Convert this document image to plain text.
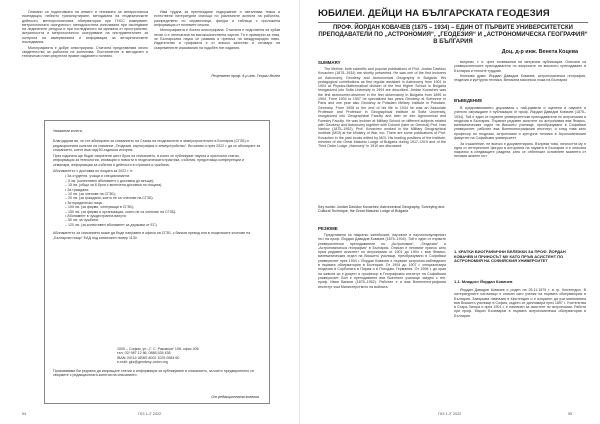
Описани са подготовката на инвито и техниката за антарктическа експедиция, нейното транспортиране, методиката на геодезическите дейности, метеорологичната обсерватория при ГНСС измерване, метрологичната осигуреност, методологията използвана при изследване на лединените ресурси и при погледнатото на мрежата от пространство, актуалността и метрологичното осигуряване на инструменталите за контрола на измерванията и информация за антарктическите изследвания.

Монографията е добре илюстрирана. Статията представлява лично свидетелство за работата на колектива. Постигнатите в методичен и технически план резултати правят изданието полезно.

Има трудна за преглеждане съдържание и изпълнява тежка и естествени литературни списъци по различните аспекти на работата, разпределени по справочници, фигури и таблици с приложена информация от полевите сезони.

Монографията е богато илюстрирана. Статията е подготвена на хубав печат и е отпечатана на висококачествена хартия. Тя е примерни за това, че Българската наука се развива и пресича на международно ниво. Издателство и графиката е от високо качество и отговаря на съвременните изисквания на подобен тип издания.

Рецензент проф. д-р инж. Георги Вълев

Уважаеми колеги,

Благодарим ви, че сте абонирани за списанието на Съюза на геодезистите и земеустроителите в България (СГЗБ) и редакционната колегия на списание „Геодезия, картография и земеустройство“. Ви каним и през 2022 г. да се абонирате за списанието, което има над 60-годишна история.

През годината ще бъдат изпратени шест броя на списанието, в които се публикуват научни и приложни статии, информация за технологии, иновации и новости в геодезическата практика, събития, предстоящи конференции и семинари, информация за събития и дейности в страната и чужбина.

Абонаментът с доставка по пощата за 2022 г. е:

• За студенти, учащи и специализанти:

– 5 лв. (колективен абонамент с доставка до вкъщи);

– 15 лв. (общо за 6 броя с включена доставка по пощата).

• За граждани:

– 10 лв. (за членове на СГЗБ);

– 20 лв. (за граждани, които не са членове на СГЗБ).

• За юридически лица:

– 100 лв. (за фирми, членуващи в СГЗБ);

– 150 лв. (за фирми и организации, които не са членове на СГЗБ).

• Абонамент в чуждестранна валута:

– 50 лв. за чужбина.

– 120 лв. (за колективен абонамент за държави от ЕС).

Абонаментът за списанието може да бъде направен в офиса на СГЗБ, с банков превод или в пощенските клонове на „Български пощи“ ЕАД под каталожен номер 1130.

1000 – София, ул. „Г. С. Раковски“ 108, офис 406
тел. 02/ 987 12 86, 0888 528 438
IBAN: BG14 UBBS 8002 1025 0984 60
e-mail: gkz@geodesy-union.org

Призоваваме Ви редовно да изпращате статии и информация за публикуване в списанието, за които предварително се свържете с редакционната колегия на списанието.

От редакционната колегия
54	ГКЗ 1-2' 2022
ЮБИЛЕИ. ДЕЙЦИ НА БЪЛГАРСКАТА ГЕОДЕЗИЯ
ПРОФ. ЙОРДАН КОВАЧЕВ (1875 – 1934) – ЕДИН ОТ ПЪРВИТЕ УНИВЕРСИТЕТСКИ ПРЕПОДАВАТЕЛИ ПО „АСТРОНОМИЯ“, „ГЕОДЕЗИЯ“ И „АСТРОНОМИЧЕСКА ГЕОГРАФИЯ“ В БЪЛГАРИЯ
Доц. д-р инж. Венета Коцева
SUMMARY

The lifetime, both scientific and popular publications of Prof. Jordan Davidov Kovachev (1875–1934) are shortly presented. He was one of the first lecturers on Astronomy, Geodesy and Astronomical Geography in Bulgaria. His pedagogical contributions as first regular assistant in Astronomy from 1901 to 1904 at Physics-Mathematical division of the first Higher School in Bulgaria reorganized into Sofia University in 1904 are described. Jordan Kovachev was the first astronomer-observer in the first observatory in Bulgaria from 1895 to 1904. From 1904 to 1907 he specialized two years Geodesy at Sorbonne in Paris and one year also Geodesy at Potsdam Military Institute in Potsdam, Germany. From 1908 to the end of his life in 1934 he was an Associate Professor and Professor in Geographical Institute at Sofia University, reorganized into Geographical Faculty and later on into Agronomical and Forestry Faculty. He was lecturer at Military School on different subjects related with Geodesy and Astronomy together with Colonel (later on General) Prof. Ivan Vankov (1875–1952). Prof. Kovachev worked in the Military Geographical Institute (MGI) at the Ministry of War, too. There are some publications of Prof. Kovachev in the past books edited by MGI. His leading positions of the Institute, member of the Great Masonic Lodge of Bulgaria during 1917–1919 and of the Third Order Lodge „Harmony“ in 1919 are discussed.

Key words: Jordan Davidov Kovachev, Astronomical Geography, Surveying and Cultural Technique, the Great Masonic Lodge of Bulgaria
РЕЗЮМЕ

Представени са накратко житейският, научният и научнопопулярният път на проф. Йордан Давидов Ковачев (1875–1934). Той е един от първите университетски преподаватели по „Астрономия“, „Геодезия“ и „Астрономическа география“ в България. Описан е неговият принос като пръв редовен асистент по астрономия от 1901 до 1904 г. във Физико-математическия отдел на Висшето училище, преобразувано в Софийски университет през 1904 г. Йордан Ковачев е първият астроном-наблюдател в първата обсерватория в България. От 1904 до 1907 г. специализира геодезия в Сорбоната в Париж и в Потсдам, Германия. От 1908 г. до края на живота си е доцент и професор в Географския институт на Софийския университет. Бил е преподавател във Военното училище заедно с ген. проф. Иван Ванков (1875–1952). Работил е и във Военногеографския институт към Министерството на войната.

въпреки, т. е. чрез тогавашния ни метрични публикации. Описани са университетските преподаватели по въпросите на високото преподаване в България и техните трудове.

Ключови думи: Йордан Давидов Ковачев, астрономическа география, геодезия и културна техника, Великата масонска ложа на България

ВЪВЕДЕНИЕ

В средновековието държавата с най-развити и оценени в науката и ученото изграждане е публикация от проф. Йордан Давидов Ковачев (1875–1934). Той е един от първите университетски преподаватели по астрономия и геодезия в България. Първият редовен асистент по астрономия във Физико-математическия отдел на Висшето училище, преобразувано в Софийски университет, работил във Военногеографския институт, и след това като професор по геодезия, астрономия и културна техника в Агрономическия факултет на Софийския университет.

За съжаление, не всичко е документирано. Въпреки това, личността му е една от интересните фигури в историята на науката в България и е описана накратко в следващите раздели, като се отбележат основните моменти от неговия жизнен път.

1. КРАТКИ БИОГРАФИЧНИ БЕЛЕЖКИ ЗА ПРОФ. ЙОРДАН КОВАЧЕВ И ПРИНОСЪТ МУ КАТО ПРЪВ АСИСТЕНТ ПО АСТРОНОМИЯ НА СОФИЙСКИЯ УНИВЕРСИТЕТ
1.1. Младост Йордан Ковачев

Йордан Давидов Ковачев е роден на 26.11.1875 г. в гр. Кюстендил. В литературните източници е описан като ученик на първата обсерватория в България. Завършва гимназия в Кюстендил и е изпратен да учи математика във Висшето училище в София, където се дипломира през 1897 г. Учителства в Стара Загора и през 1901 г. е назначен за асистент по астрономия. Работи при проф. Марин Бъчеваров в първата астрономическа обсерватория в България.

ГКЗ 1-2' 2022	55
